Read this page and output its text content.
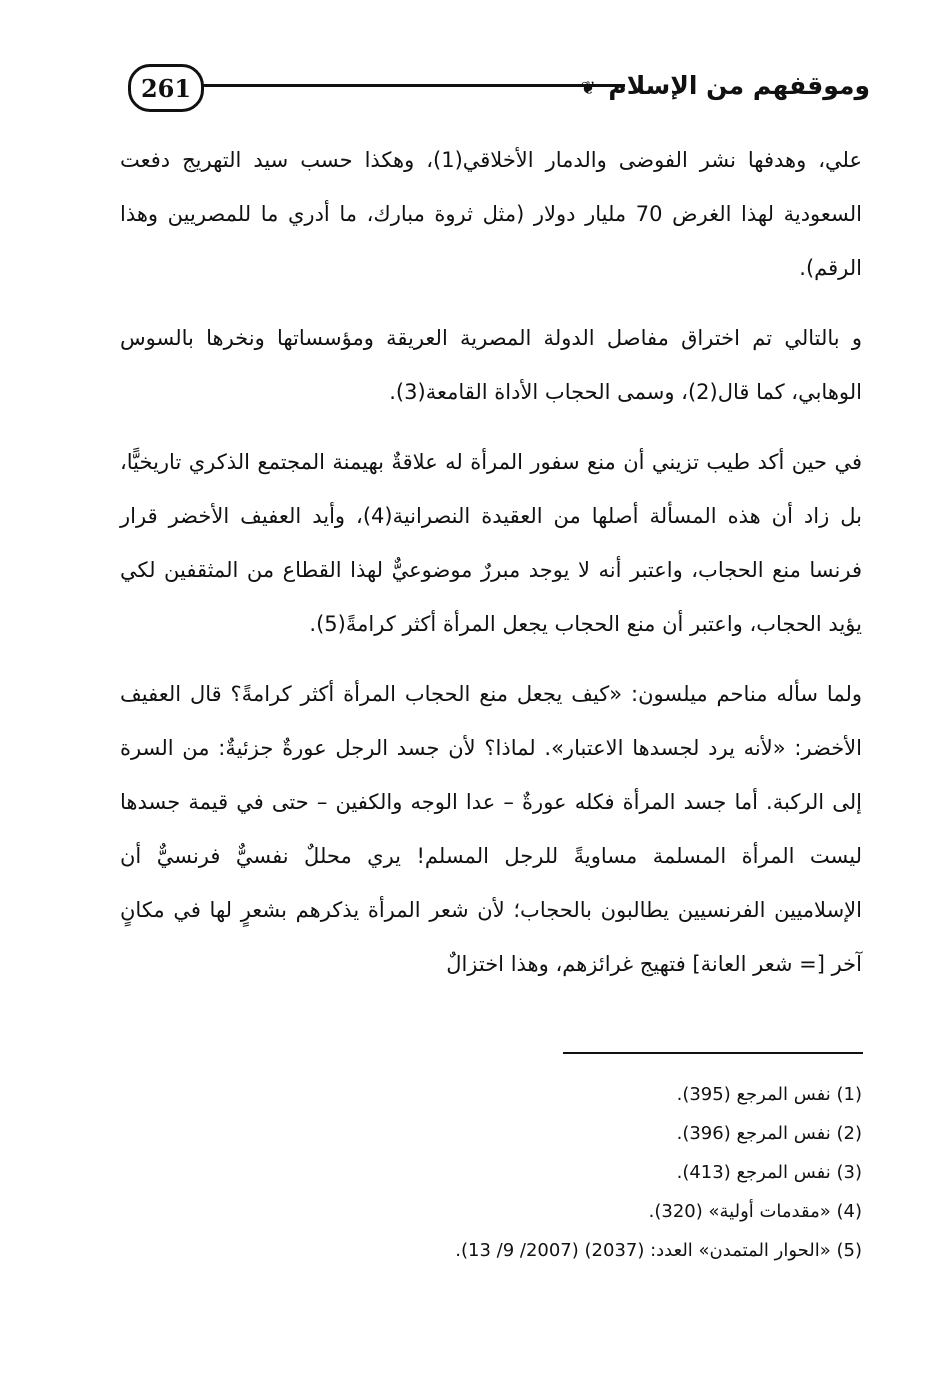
261	وموقفهم من الإسلام ❦

علي، وهدفها نشر الفوضى والدمار الأخلاقي(1)، وهكذا حسب سيد التهريج دفعت السعودية لهذا الغرض 70 مليار دولار (مثل ثروة مبارك، ما أدري ما للمصريين وهذا الرقم).

و بالتالي تم اختراق مفاصل الدولة المصرية العريقة ومؤسساتها ونخرها بالسوس الوهابي، كما قال(2)، وسمى الحجاب الأداة القامعة(3).

في حين أكد طيب تزيني أن منع سفور المرأة له علاقةٌ بهيمنة المجتمع الذكري تاريخيًّا، بل زاد أن هذه المسألة أصلها من العقيدة النصرانية(4)، وأيد العفيف الأخضر قرار فرنسا منع الحجاب، واعتبر أنه لا يوجد مبررٌ موضوعيٌّ لهذا القطاع من المثقفين لكي يؤيد الحجاب، واعتبر أن منع الحجاب يجعل المرأة أكثر كرامةً(5).

ولما سأله مناحم ميلسون: «كيف يجعل منع الحجاب المرأة أكثر كرامةً؟ قال العفيف الأخضر: «لأنه يرد لجسدها الاعتبار». لماذا؟ لأن جسد الرجل عورةٌ جزئيةٌ: من السرة إلى الركبة. أما جسد المرأة فكله عورةٌ – عدا الوجه والكفين – حتى في قيمة جسدها ليست المرأة المسلمة مساويةً للرجل المسلم! يري محللٌ نفسيٌّ فرنسيٌّ أن الإسلاميين الفرنسيين يطالبون بالحجاب؛ لأن شعر المرأة يذكرهم بشعرٍ لها في مكانٍ آخر [= شعر العانة] فتهيج غرائزهم، وهذا اختزالٌ

(1) نفس المرجع (395).
(2) نفس المرجع (396).
(3) نفس المرجع (413).
(4) «مقدمات أولية» (320).
(5) «الحوار المتمدن» العدد: (2037) (2007/ 9/ 13).
